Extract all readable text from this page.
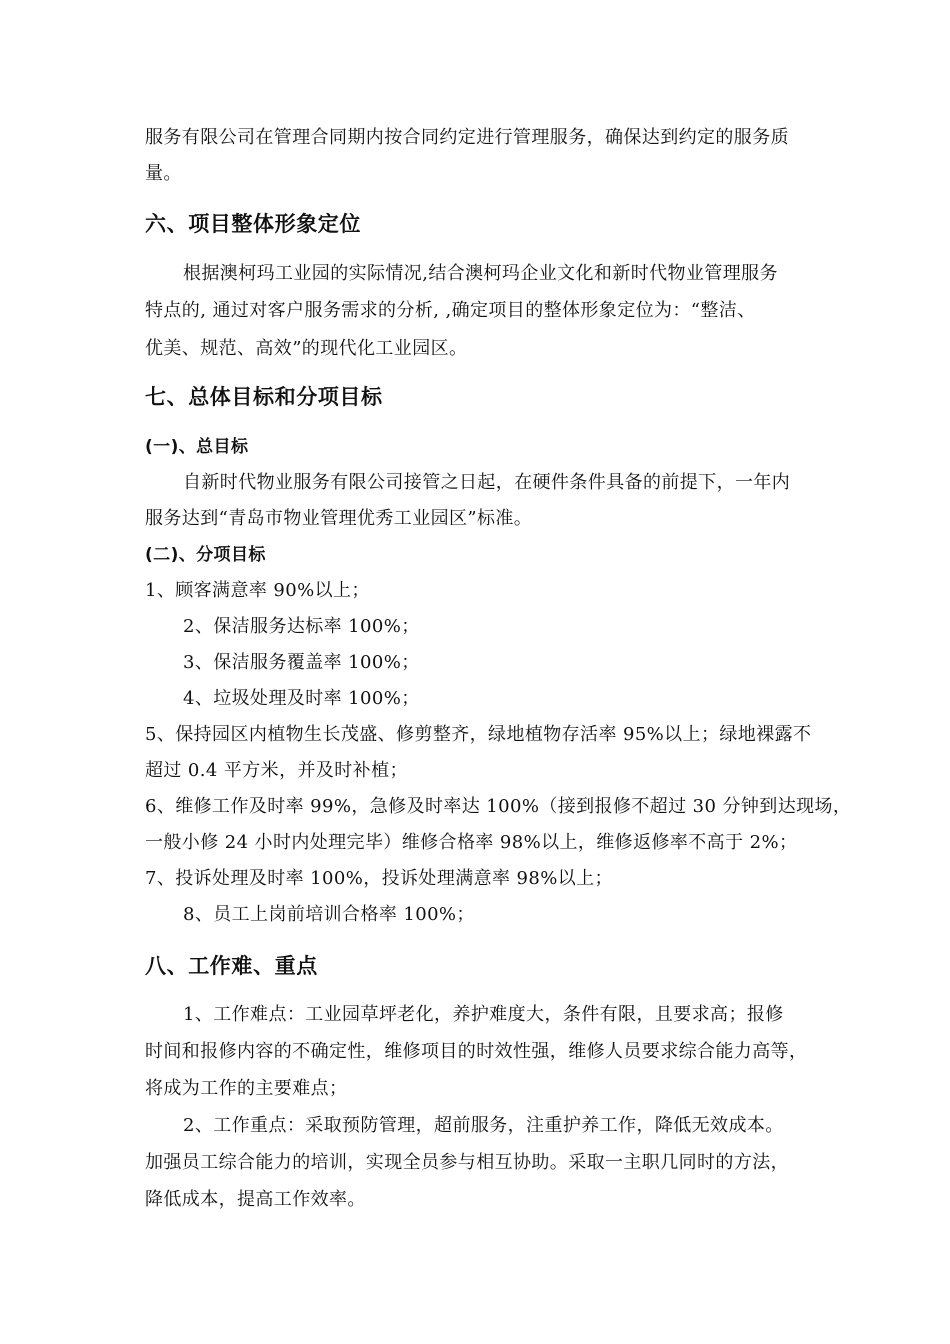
服务有限公司在管理合同期内按合同约定进行管理服务，确保达到约定的服务质
量。
六、项目整体形象定位
根据澳柯玛工业园的实际情况,结合澳柯玛企业文化和新时代物业管理服务
特点的, 通过对客户服务需求的分析, ,确定项目的整体形象定位为：“整洁、
优美、规范、高效”的现代化工业园区。
七、总体目标和分项目标
(一)、总目标
自新时代物业服务有限公司接管之日起，在硬件条件具备的前提下，一年内
服务达到“青岛市物业管理优秀工业园区”标准。
(二)、分项目标
1、顾客满意率 90%以上；
2、保洁服务达标率 100%；
3、保洁服务覆盖率 100%；
4、垃圾处理及时率 100%；
5、保持园区内植物生长茂盛、修剪整齐，绿地植物存活率 95%以上；绿地裸露不
超过 0.4 平方米，并及时补植；
6、维修工作及时率 99%，急修及时率达 100%（接到报修不超过 30 分钟到达现场，
一般小修 24 小时内处理完毕）维修合格率 98%以上，维修返修率不高于 2%；
7、投诉处理及时率 100%，投诉处理满意率 98%以上；
8、员工上岗前培训合格率 100%；
八、工作难、重点
1、工作难点：工业园草坪老化，养护难度大，条件有限，且要求高；报修
时间和报修内容的不确定性，维修项目的时效性强，维修人员要求综合能力高等，
将成为工作的主要难点；
2、工作重点：采取预防管理，超前服务，注重护养工作，降低无效成本。
加强员工综合能力的培训，实现全员参与相互协助。采取一主职几同时的方法，
降低成本，提高工作效率。
